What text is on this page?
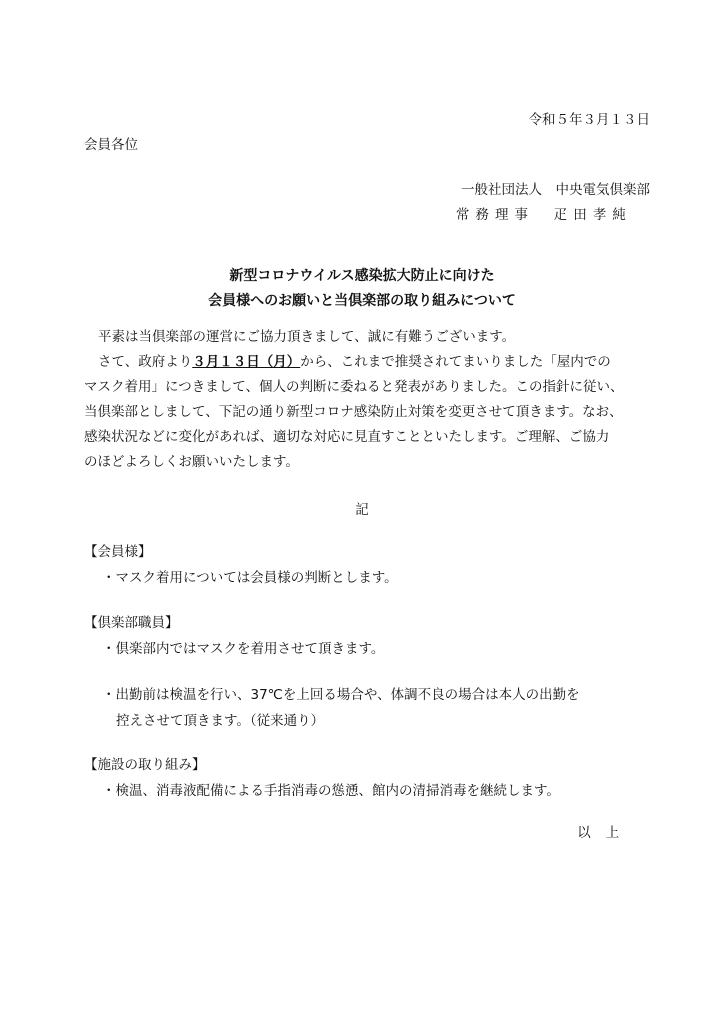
令和５年３月１３日
会員各位
一般社団法人　中央電気倶楽部
常務理事　疋田孝純
新型コロナウイルス感染拡大防止に向けた
会員様へのお願いと当倶楽部の取り組みについて

平素は当倶楽部の運営にご協力頂きまして、誠に有難うございます。

さて、政府より３月１３日（月）から、これまで推奨されてまいりました「屋内での

マスク着用」につきまして、個人の判断に委ねると発表がありました。この指針に従い、

当倶楽部としまして、下記の通り新型コロナ感染防止対策を変更させて頂きます。なお、

感染状況などに変化があれば、適切な対応に見直すことといたします。ご理解、ご協力

のほどよろしくお願いいたします。

記
【会員様】
・マスク着用については会員様の判断とします。
【倶楽部職員】
・倶楽部内ではマスクを着用させて頂きます。
・出勤前は検温を行い、37℃を上回る場合や、体調不良の場合は本人の出勤を
控えさせて頂きます。（従来通り）
【施設の取り組み】
・検温、消毒液配備による手指消毒の慫慂、館内の清掃消毒を継続します。
以上
